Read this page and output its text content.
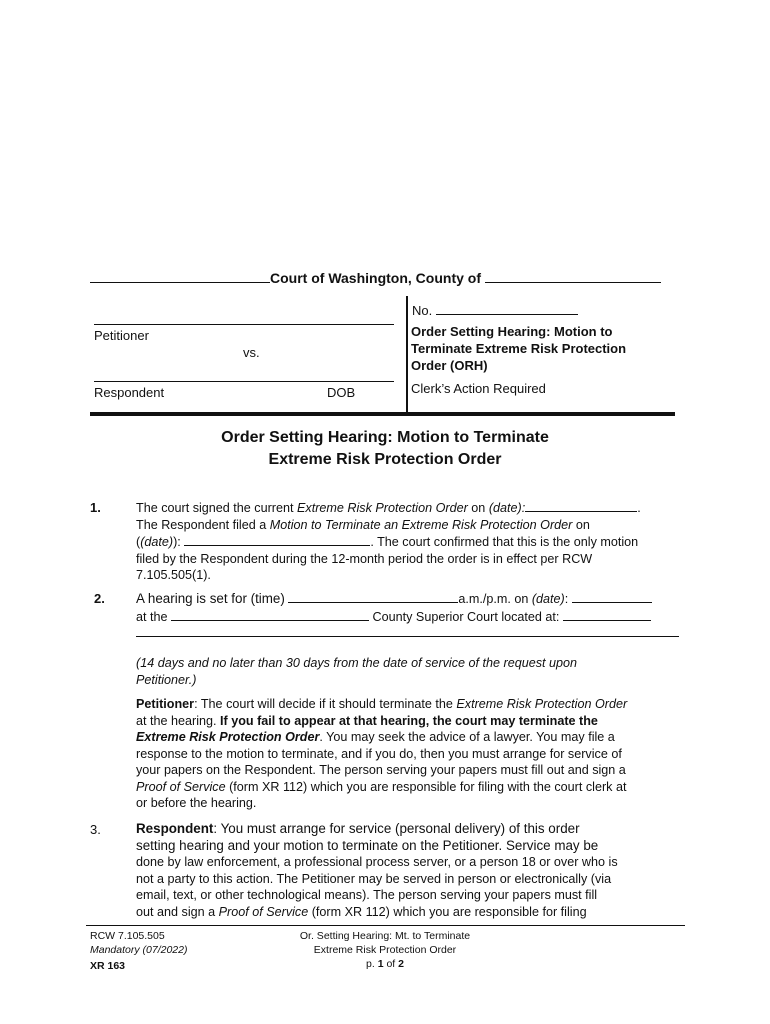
Court of Washington, County of
No.
Order Setting Hearing: Motion to
Terminate Extreme Risk Protection
Order (ORH)
Clerk’s Action Required
Petitioner
vs.
Respondent	DOB
Order Setting Hearing: Motion to Terminate
Extreme Risk Protection Order
1.	The court signed the current Extreme Risk Protection Order on (date):	.
The Respondent filed a Motion to Terminate an Extreme Risk Protection Order on
((date)):	. The court confirmed that this is the only motion
filed by the Respondent during the 12-month period the order is in effect per RCW
7.105.505(1).
2. A hearing is set for (time)	a.m./p.m. on (date):
at the	County Superior Court located at:
(14 days and no later than 30 days from the date of service of the request upon
Petitioner.)
Petitioner: The court will decide if it should terminate the Extreme Risk Protection Order
at the hearing. If you fail to appear at that hearing, the court may terminate the
Extreme Risk Protection Order. You may seek the advice of a lawyer. You may file a
response to the motion to terminate, and if you do, then you must arrange for service of
your papers on the Respondent. The person serving your papers must fill out and sign a
Proof of Service (form XR 112) which you are responsible for filing with the court clerk at
or before the hearing.
3.	Respondent: You must arrange for service (personal delivery) of this order
setting hearing and your motion to terminate on the Petitioner. Service may be
done by law enforcement, a professional process server, or a person 18 or over who is
not a party to this action. The Petitioner may be served in person or electronically (via
email, text, or other technological means). The person serving your papers must fill
out and sign a Proof of Service (form XR 112) which you are responsible for filing
RCW 7.105.505
Mandatory (07/2022)
XR 163
Or. Setting Hearing: Mt. to Terminate
Extreme Risk Protection Order
p. 1 of 2
